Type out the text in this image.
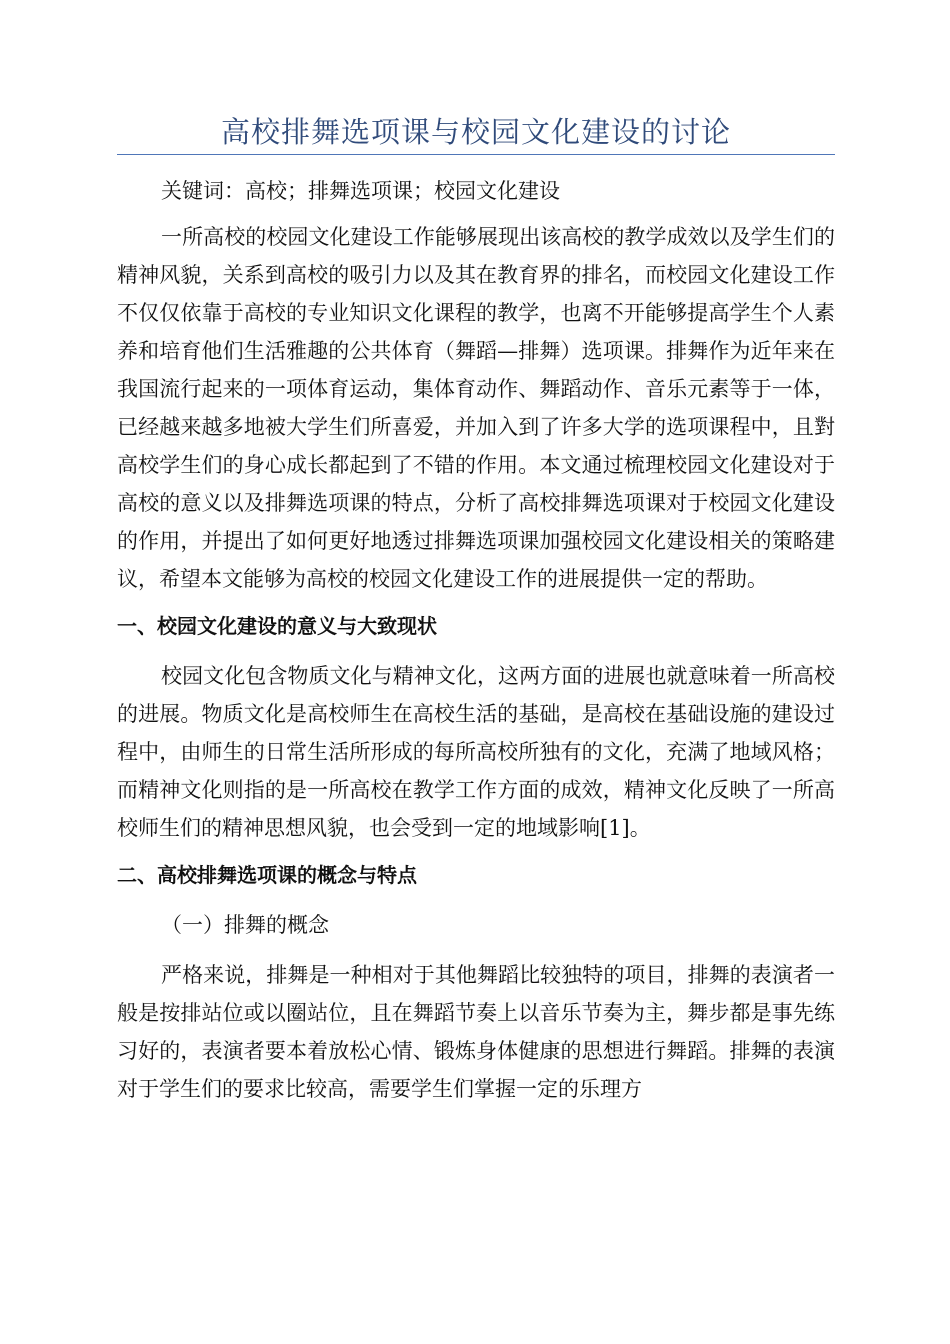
高校排舞选项课与校园文化建设的讨论

关键词：高校；排舞选项课；校园文化建设

一所高校的校园文化建设工作能够展现出该高校的教学成效以及学生们的精神风貌，关系到高校的吸引力以及其在教育界的排名，而校园文化建设工作不仅仅依靠于高校的专业知识文化课程的教学，也离不开能够提高学生个人素养和培育他们生活雅趣的公共体育（舞蹈—排舞）选项课。排舞作为近年来在我国流行起来的一项体育运动，集体育动作、舞蹈动作、音乐元素等于一体，已经越来越多地被大学生们所喜爱，并加入到了许多大学的选项课程中，且對高校学生们的身心成长都起到了不错的作用。本文通过梳理校园文化建设对于高校的意义以及排舞选项课的特点，分析了高校排舞选项课对于校园文化建设的作用，并提出了如何更好地透过排舞选项课加强校园文化建设相关的策略建议，希望本文能够为高校的校园文化建设工作的进展提供一定的帮助。

一、校园文化建设的意义与大致现状

校园文化包含物质文化与精神文化，这两方面的进展也就意味着一所高校的进展。物质文化是高校师生在高校生活的基础，是高校在基础设施的建设过程中，由师生的日常生活所形成的每所高校所独有的文化，充满了地域风格；而精神文化则指的是一所高校在教学工作方面的成效，精神文化反映了一所高校师生们的精神思想风貌，也会受到一定的地域影响[1]。

二、高校排舞选项课的概念与特点

（一）排舞的概念

严格来说，排舞是一种相对于其他舞蹈比较独特的项目，排舞的表演者一般是按排站位或以圈站位，且在舞蹈节奏上以音乐节奏为主，舞步都是事先练习好的，表演者要本着放松心情、锻炼身体健康的思想进行舞蹈。排舞的表演对于学生们的要求比较高，需要学生们掌握一定的乐理方
